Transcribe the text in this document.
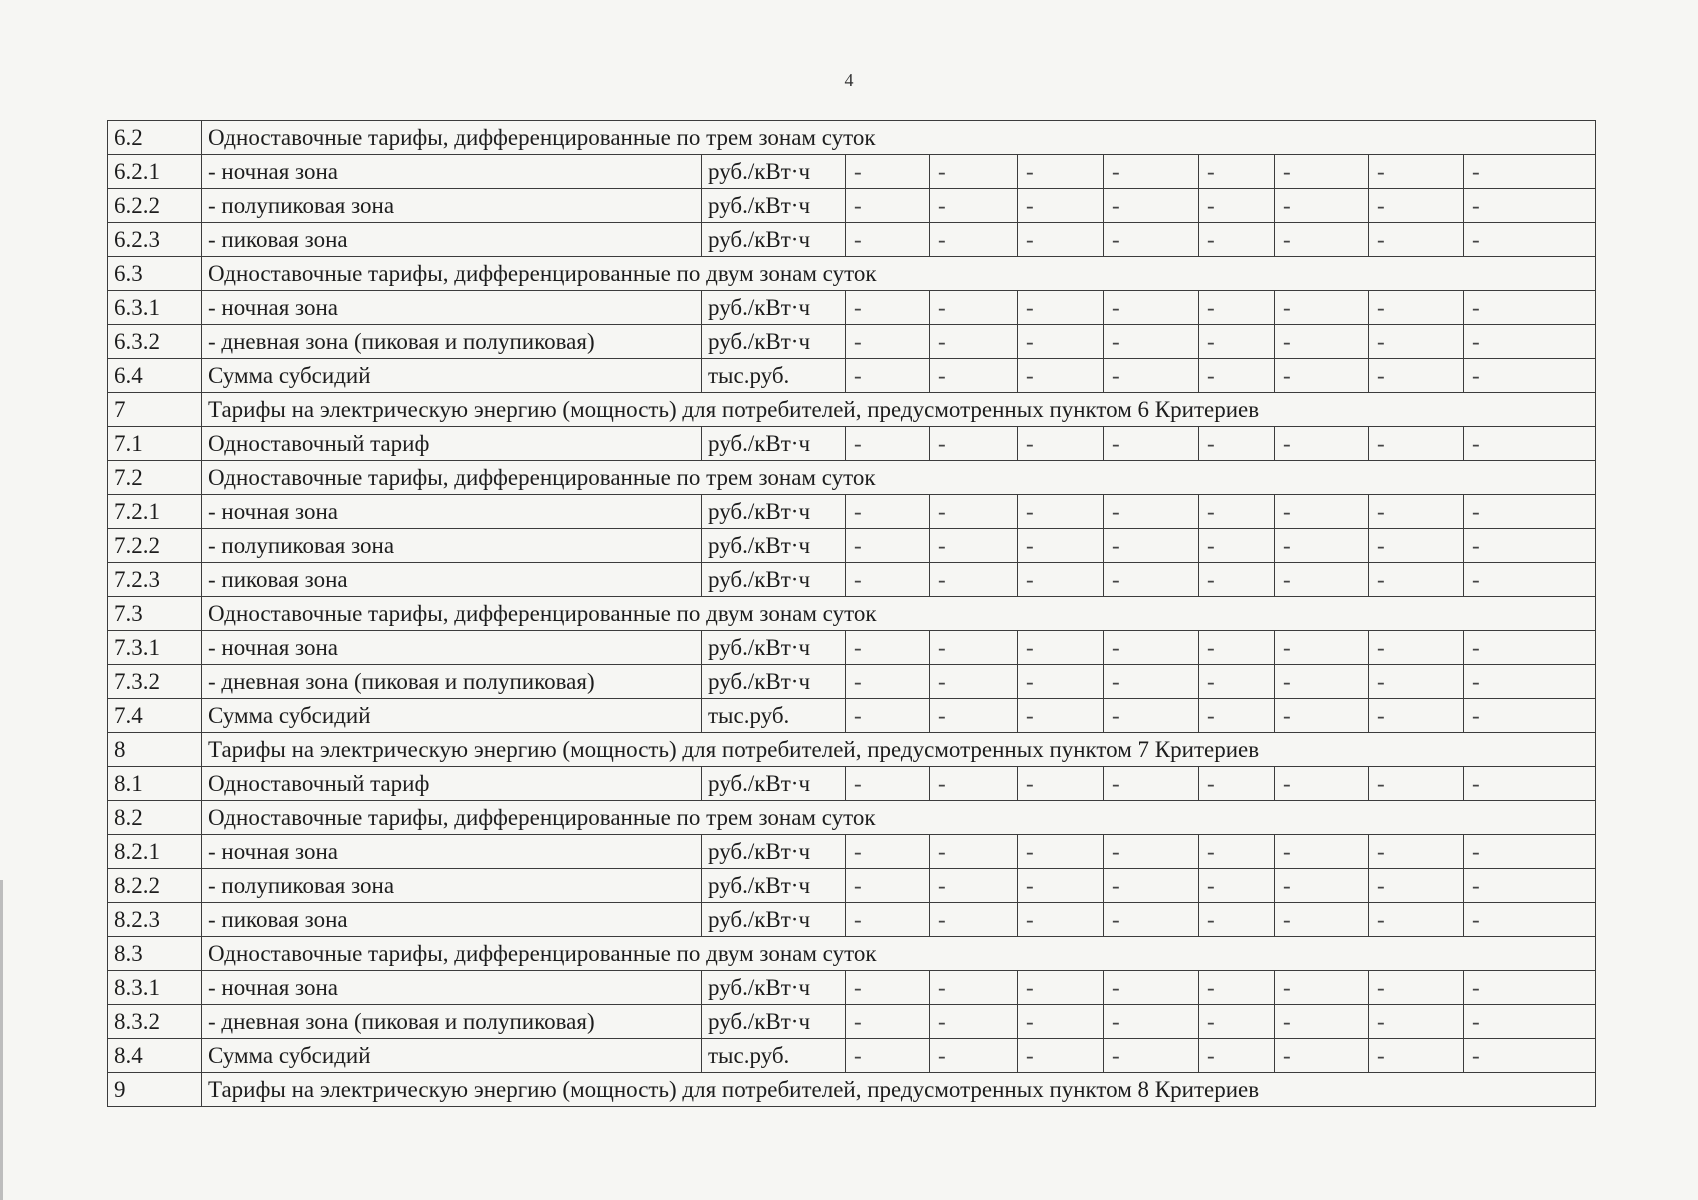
4
6.2	Одноставочные тарифы, дифференцированные по трем зонам суток									
6.2.1	- ночная зона	руб./кВт·ч	-	-	-	-	-	-	-	-
6.2.2	- полупиковая зона	руб./кВт·ч	-	-	-	-	-	-	-	-
6.2.3	- пиковая зона	руб./кВт·ч	-	-	-	-	-	-	-	-
6.3	Одноставочные тарифы, дифференцированные по двум зонам суток									
6.3.1	- ночная зона	руб./кВт·ч	-	-	-	-	-	-	-	-
6.3.2	- дневная зона (пиковая и полупиковая)	руб./кВт·ч	-	-	-	-	-	-	-	-
6.4	Сумма субсидий	тыс.руб.	-	-	-	-	-	-	-	-
7	Тарифы на электрическую энергию (мощность) для потребителей, предусмотренных пунктом 6 Критериев									
7.1	Одноставочный тариф	руб./кВт·ч	-	-	-	-	-	-	-	-
7.2	Одноставочные тарифы, дифференцированные по трем зонам суток									
7.2.1	- ночная зона	руб./кВт·ч	-	-	-	-	-	-	-	-
7.2.2	- полупиковая зона	руб./кВт·ч	-	-	-	-	-	-	-	-
7.2.3	- пиковая зона	руб./кВт·ч	-	-	-	-	-	-	-	-
7.3	Одноставочные тарифы, дифференцированные по двум зонам суток									
7.3.1	- ночная зона	руб./кВт·ч	-	-	-	-	-	-	-	-
7.3.2	- дневная зона (пиковая и полупиковая)	руб./кВт·ч	-	-	-	-	-	-	-	-
7.4	Сумма субсидий	тыс.руб.	-	-	-	-	-	-	-	-
8	Тарифы на электрическую энергию (мощность) для потребителей, предусмотренных пунктом 7 Критериев									
8.1	Одноставочный тариф	руб./кВт·ч	-	-	-	-	-	-	-	-
8.2	Одноставочные тарифы, дифференцированные по трем зонам суток									
8.2.1	- ночная зона	руб./кВт·ч	-	-	-	-	-	-	-	-
8.2.2	- полупиковая зона	руб./кВт·ч	-	-	-	-	-	-	-	-
8.2.3	- пиковая зона	руб./кВт·ч	-	-	-	-	-	-	-	-
8.3	Одноставочные тарифы, дифференцированные по двум зонам суток									
8.3.1	- ночная зона	руб./кВт·ч	-	-	-	-	-	-	-	-
8.3.2	- дневная зона (пиковая и полупиковая)	руб./кВт·ч	-	-	-	-	-	-	-	-
8.4	Сумма субсидий	тыс.руб.	-	-	-	-	-	-	-	-
9	Тарифы на электрическую энергию (мощность) для потребителей, предусмотренных пунктом 8 Критериев									
